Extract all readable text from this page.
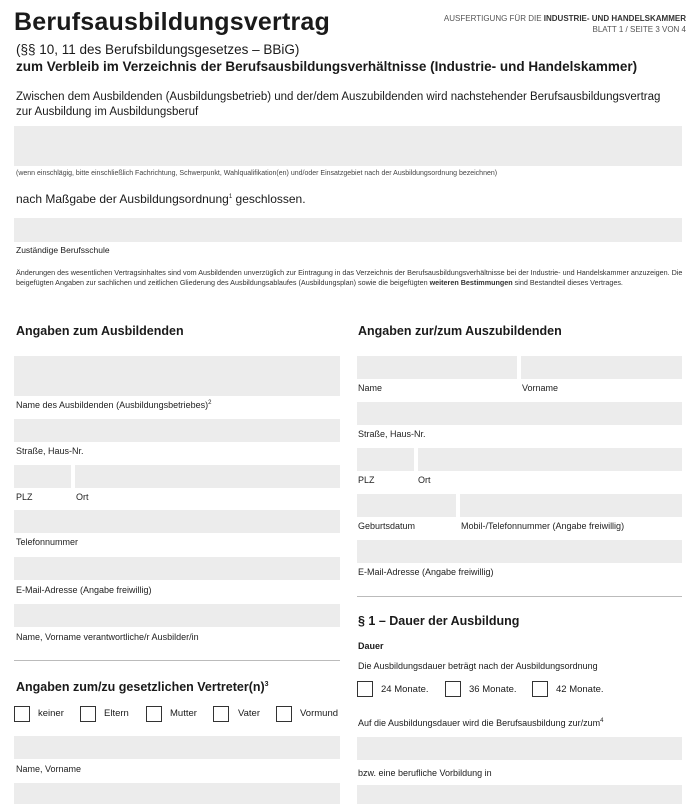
Berufsausbildungsvertrag	AUSFERTIGUNG FÜR DIE INDUSTRIE- UND HANDELSKAMMER
BLATT 1 / SEITE 3 VON 4
(§§ 10, 11 des Berufsbildungsgesetzes – BBiG)
zum Verbleib im Verzeichnis der Berufsausbildungsverhältnisse (Industrie- und Handelskammer)
Zwischen dem Ausbildenden (Ausbildungsbetrieb) und der/dem Auszubildenden wird nachstehender Berufsausbildungsvertrag zur Ausbildung im Ausbildungsberuf
(wenn einschlägig, bitte einschließlich Fachrichtung, Schwerpunkt, Wahlqualifikation(en) und/oder Einsatzgebiet nach der Ausbildungsordnung bezeichnen)
nach Maßgabe der Ausbildungsordnung$^1$ geschlossen.
Zuständige Berufsschule
Änderungen des wesentlichen Vertragsinhaltes sind vom Ausbildenden unverzüglich zur Eintragung in das Verzeichnis der Berufsausbildungsverhältnisse bei der Industrie- und Handelskammer anzuzeigen. Die beigefügten Angaben zur sachlichen und zeitlichen Gliederung des Ausbildungsablaufes (Ausbildungsplan) sowie die beigefügten weiteren Bestimmungen sind Bestandteil dieses Vertrages.
Angaben zum Ausbildenden
Name des Ausbildenden (Ausbildungsbetriebes)$^2$
Straße, Haus-Nr.
PLZ	Ort
Telefonnummer
E-Mail-Adresse (Angabe freiwillig)
Name, Vorname verantwortliche/r Ausbilder/in
Angaben zum/zu gesetzlichen $Vertreter(n)^3$
keiner	Eltern	Mutter	Vater	Vormund
Name, Vorname
Angaben zur/zum Auszubildenden
Name	Vorname
Straße, Haus-Nr.
PLZ	Ort
Geburtsdatum	Mobil-/Telefonnummer (Angabe freiwillig)
E-Mail-Adresse (Angabe freiwillig)
§ 1 – Dauer der Ausbildung
Dauer
Die Ausbildungsdauer beträgt nach der Ausbildungsordnung
24 Monate.	36 Monate.	42 Monate.
Auf die Ausbildungsdauer wird die Berufsausbildung zur/zum$^4$
bzw. eine berufliche Vorbildung in
